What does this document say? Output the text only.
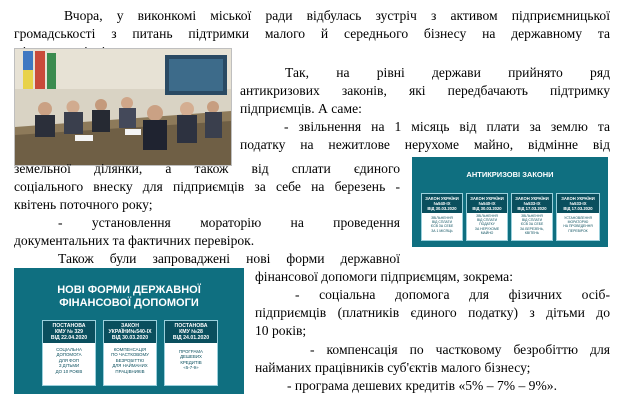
Вчора, у виконкомі міської ради відбулась зустріч з активом підприємницької
громадськості з питань підтримки малого й середнього бізнесу на державному та
Так, на рівні держави прийнято ряд
антикризових законів, які передбачають підтримку
підприємців. А саме:
- звільнення на 1 місяць від плати за землю та
податку на нежитлове нерухоме майно, відмінне від
земельної ділянки, а також від сплати єдиного
соціального внеску для підприємців за себе на березень -
квітень поточного року;
- установлення мораторію на проведення
документальних та фактичних перевірок.
АНТИКРИЗОВІ ЗАКОНИ
ЗАКОН УКРАЇНИ
№540-IX
ВІД 30.03.2020
ЗВІЛЬНЕННЯ
ВІД СПЛАТИ
ЄСВ ЗА СЕБЕ
ЗА 1 МІСЯЦЬ
ЗАКОН УКРАЇНИ
№540-IX
ВІД 30.03.2020
ЗВІЛЬНЕННЯ
ВІД СПЛАТИ
ПОДАТКУ
ЗА НЕРУХОМЕ
МАЙНО
ЗАКОН УКРАЇНИ
№533-IX
ВІД 17.03.2020
ЗВІЛЬНЕННЯ
ВІД СПЛАТИ
ЄСВ ЗА СЕБЕ
ЗА БЕРЕЗЕНЬ,
КВІТЕНЬ
ЗАКОН УКРАЇНИ
№533-IX
ВІД 17.03.2020
УСТАНОВЛЕННЯ
МОРАТОРІЮ
НА ПРОВЕДЕННЯ
ПЕРЕВІРОК
Також були запроваджені нові форми державної
фінансової допомоги підприємцям, зокрема:
- соціальна допомога для фізичних осіб-
підприємців (платників єдиного податку) з дітьми до
10 років;
- компенсація по частковому безробіттю для
найманих працівників суб'єктів малого бізнесу;
- програма дешевих кредитів «5% – 7% – 9%».
НОВІ ФОРМИ ДЕРЖАВНОЇ
ФІНАНСОВОЇ ДОПОМОГИ
ПОСТАНОВА
КМУ № 329
ВІД 22.04.2020
СОЦІАЛЬНА
ДОПОМОГА
ДЛЯ ФОП
З ДІТЬМИ
ДО 10 РОКІВ
ЗАКОН
УКРАЇНИ№540-IX
ВІД 30.03.2020
КОМПЕНСАЦІЯ
ПО ЧАСТКОВОМУ
БЕЗРОБІТТЮ
ДЛЯ НАЙМАНИХ
ПРАЦІВНИКІВ
ПОСТАНОВА
КМУ №28
ВІД 24.01.2020
ПРОГРАМА
ДЕШЕВИХ
КРЕДИТІВ
«5-7-9»
